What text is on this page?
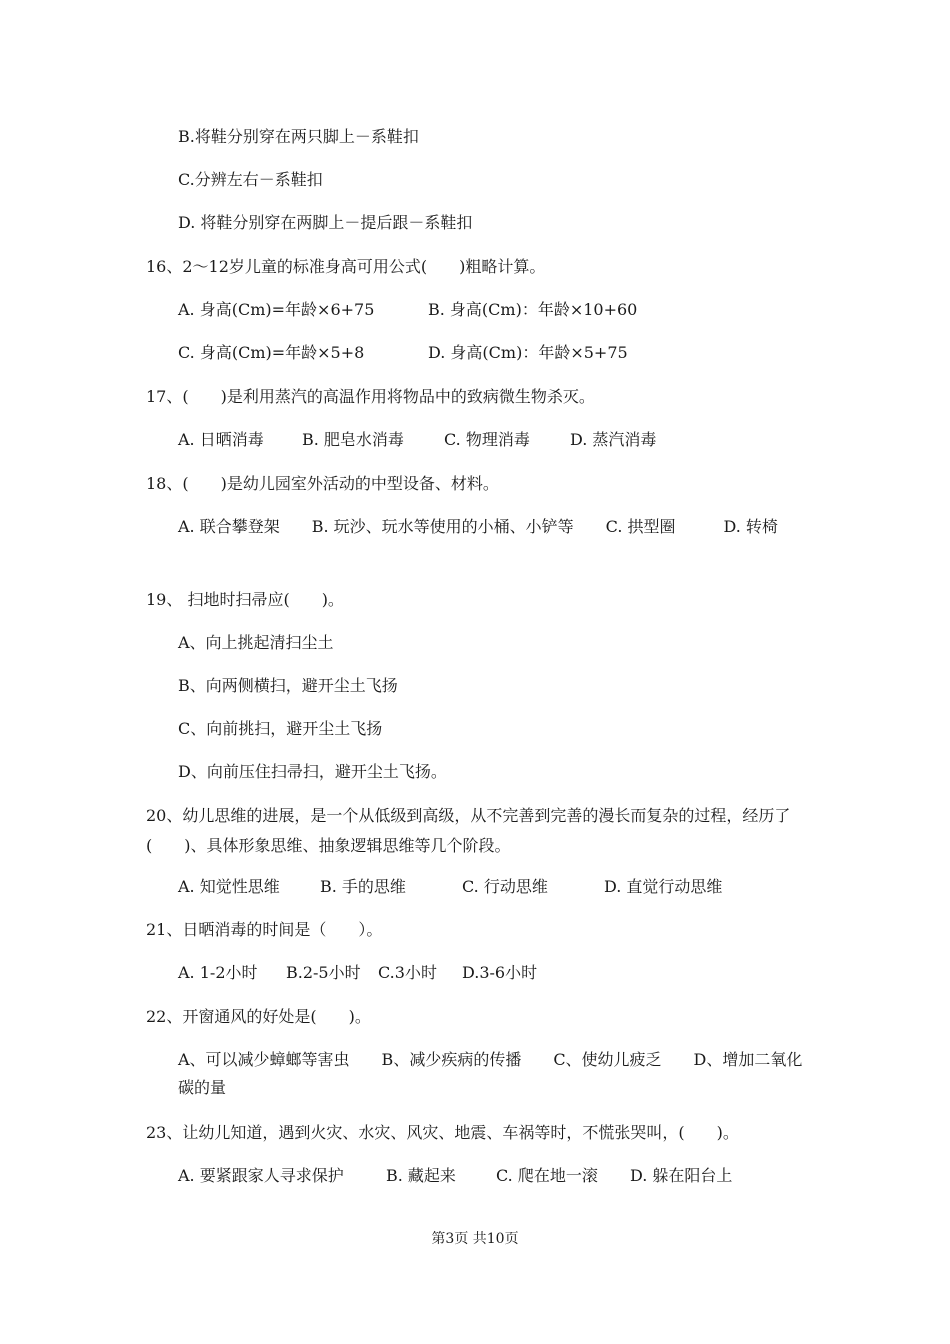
B.将鞋分别穿在两只脚上－系鞋扣
C.分辨左右－系鞋扣
D. 将鞋分别穿在两脚上－提后跟－系鞋扣
16、2～12岁儿童的标准身高可用公式(　　)粗略计算。
A. 身高(Cm)=年龄×6+75	B. 身高(Cm)：年龄×10+60
C. 身高(Cm)=年龄×5+8	D. 身高(Cm)：年龄×5+75
17、(　　)是利用蒸汽的高温作用将物品中的致病微生物杀灭。
A. 日晒消毒 B. 肥皂水消毒	C. 物理消毒	D. 蒸汽消毒
18、(　　)是幼儿园室外活动的中型设备、材料。
A. 联合攀登架　　B. 玩沙、玩水等使用的小桶、小铲等　　C. 拱型圈　　　D. 转椅
19、 扫地时扫帚应(　　)。
A、向上挑起清扫尘土
B、向两侧横扫，避开尘土飞扬
C、向前挑扫，避开尘土飞扬
D、向前压住扫帚扫，避开尘土飞扬。
20、幼儿思维的进展，是一个从低级到高级，从不完善到完善的漫长而复杂的过程，经历了(　　)、具体形象思维、抽象逻辑思维等几个阶段。
A. 知觉性思维	B. 手的思维	C. 行动思维	D. 直觉行动思维
21、日晒消毒的时间是（　　）。
A. 1-2小时 B.2-5小时 C.3小时 D.3-6小时
22、开窗通风的好处是(　　)。
A、可以减少蟑螂等害虫　　B、减少疾病的传播　　C、使幼儿疲乏　　D、增加二氧化碳的量
23、让幼儿知道，遇到火灾、水灾、风灾、地震、车祸等时，不慌张哭叫，(　　)。
A. 要紧跟家人寻求保护	B. 藏起来	C. 爬在地一滚 D. 躲在阳台上
第3页 共10页
